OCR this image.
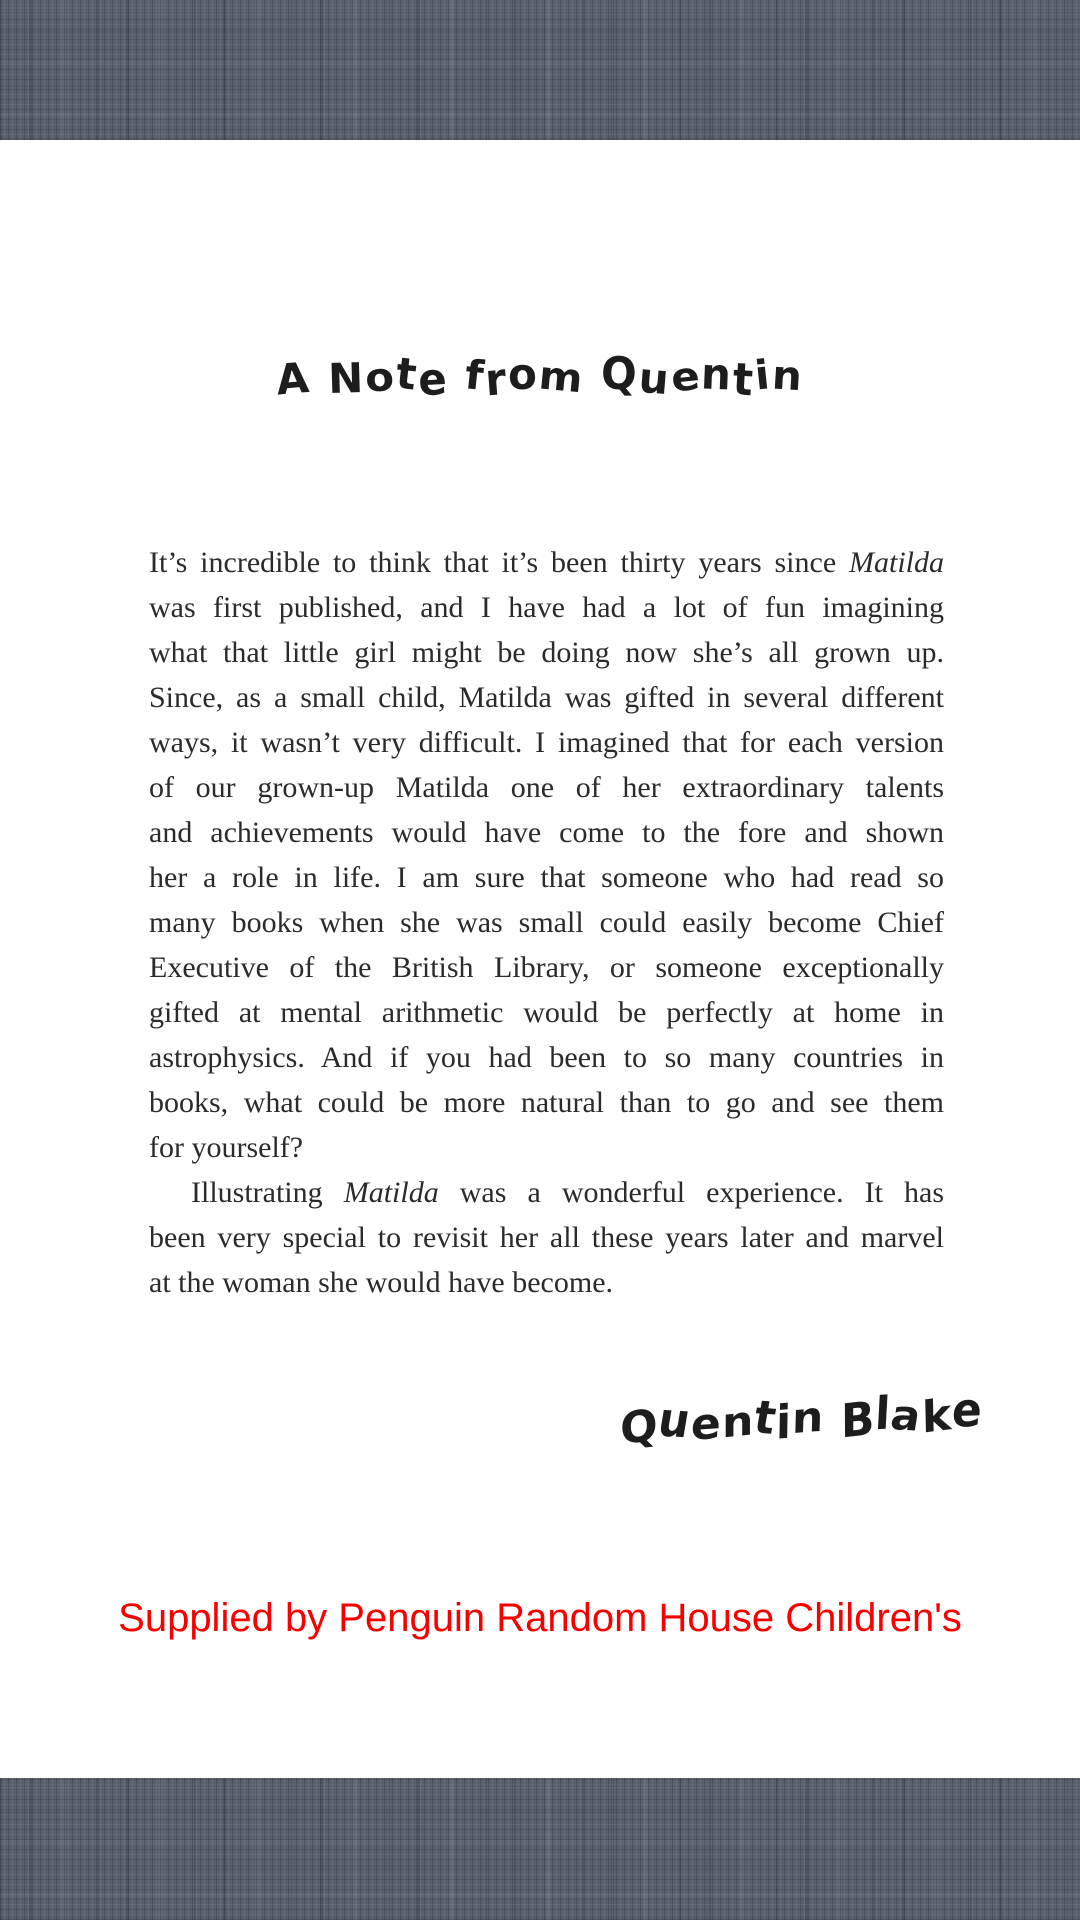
A Note from Quentin
It’s incredible to think that it’s been thirty years since Matilda
was first published, and I have had a lot of fun imagining
what that little girl might be doing now she’s all grown up.
Since, as a small child, Matilda was gifted in several different
ways, it wasn’t very difficult. I imagined that for each version
of our grown-up Matilda one of her extraordinary talents
and achievements would have come to the fore and shown
her a role in life. I am sure that someone who had read so
many books when she was small could easily become Chief
Executive of the British Library, or someone exceptionally
gifted at mental arithmetic would be perfectly at home in
astrophysics. And if you had been to so many countries in
books, what could be more natural than to go and see them
for yourself?
Illustrating Matilda was a wonderful experience. It has
been very special to revisit her all these years later and marvel
at the woman she would have become.
Quentin Blake
Supplied by Penguin Random House Children's
